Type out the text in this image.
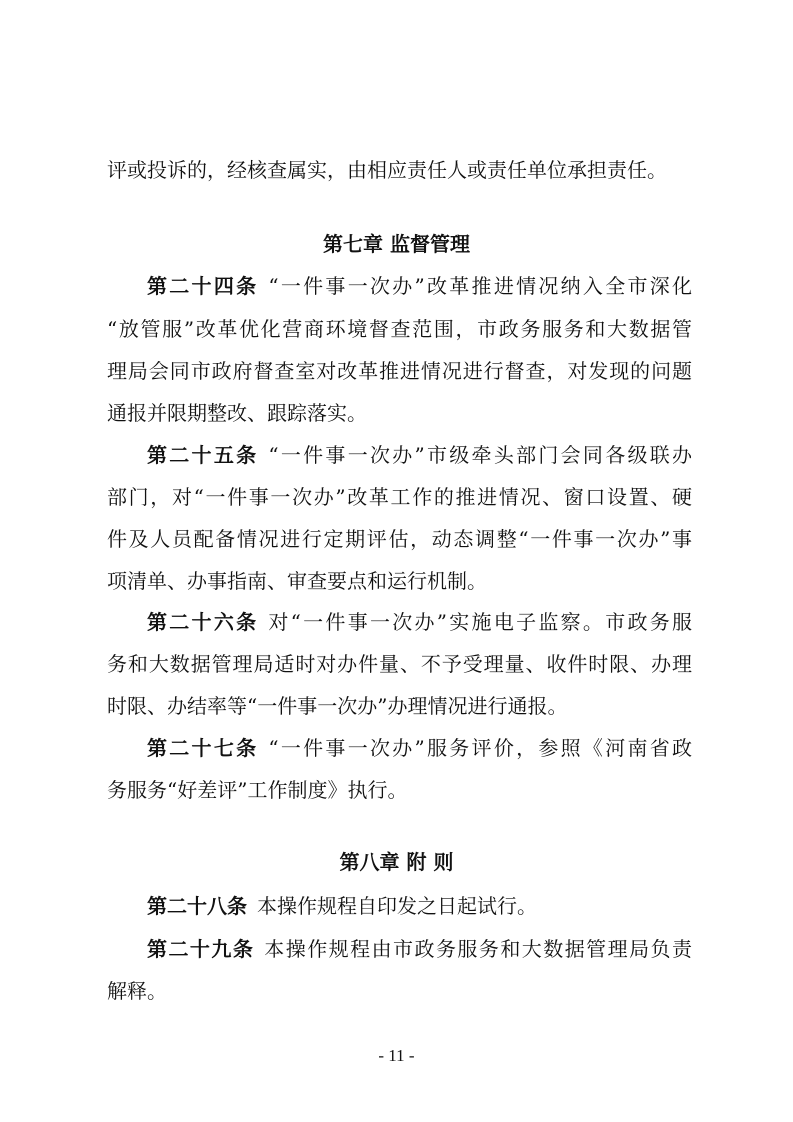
评或投诉的，经核查属实，由相应责任人或责任单位承担责任。
第七章 监督管理
第二十四条 “一件事一次办”改革推进情况纳入全市深化
“放管服”改革优化营商环境督查范围，市政务服务和大数据管
理局会同市政府督查室对改革推进情况进行督查，对发现的问题
通报并限期整改、跟踪落实。
第二十五条 “一件事一次办”市级牵头部门会同各级联办
部门，对“一件事一次办”改革工作的推进情况、窗口设置、硬
件及人员配备情况进行定期评估，动态调整“一件事一次办”事
项清单、办事指南、审查要点和运行机制。
第二十六条 对“一件事一次办”实施电子监察。市政务服
务和大数据管理局适时对办件量、不予受理量、收件时限、办理
时限、办结率等“一件事一次办”办理情况进行通报。
第二十七条 “一件事一次办”服务评价，参照《河南省政
务服务“好差评”工作制度》执行。
第八章 附 则
第二十八条 本操作规程自印发之日起试行。
第二十九条 本操作规程由市政务服务和大数据管理局负责
解释。
- 11 -
